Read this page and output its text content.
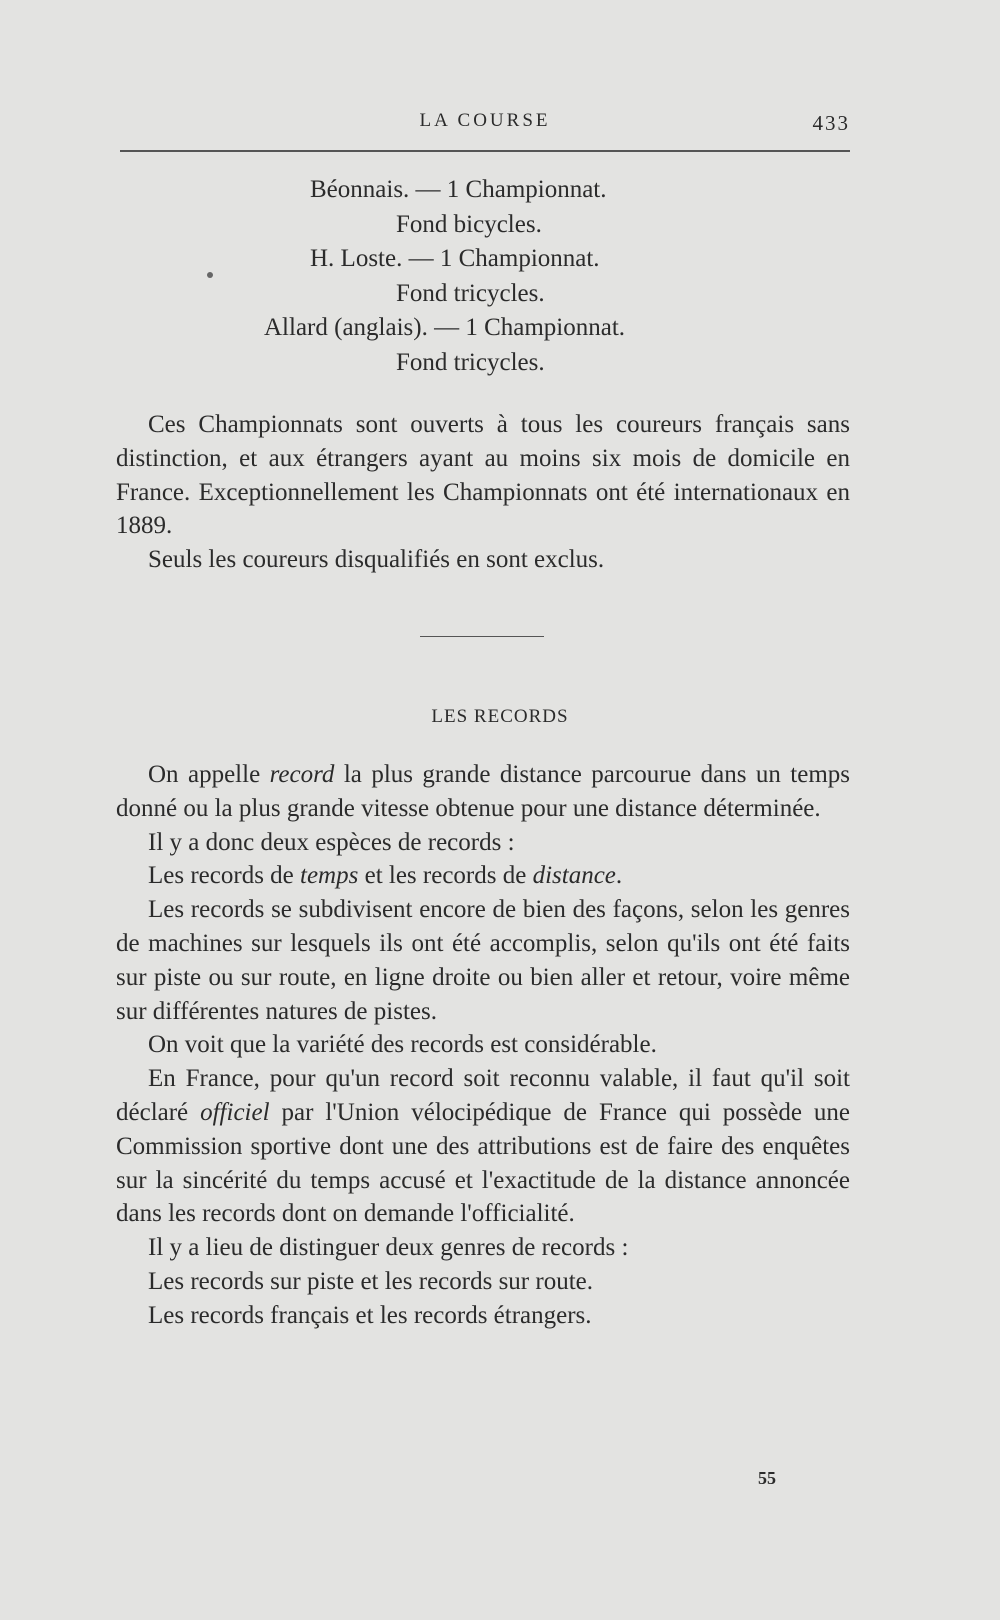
LA COURSE	433
Béonnais. — 1 Championnat.
Fond bicycles.
H. Loste. — 1 Championnat.
Fond tricycles.
Allard (anglais). — 1 Championnat.
Fond tricycles.

Ces Championnats sont ouverts à tous les coureurs français sans distinction, et aux étrangers ayant au moins six mois de domicile en France. Exceptionnellement les Championnats ont été internationaux en 1889.

Seuls les coureurs disqualifiés en sont exclus.

LES RECORDS

On appelle record la plus grande distance parcourue dans un temps donné ou la plus grande vitesse obtenue pour une distance déterminée.

Il y a donc deux espèces de records :

Les records de temps et les records de distance.

Les records se subdivisent encore de bien des façons, selon les genres de machines sur lesquels ils ont été accomplis, selon qu'ils ont été faits sur piste ou sur route, en ligne droite ou bien aller et retour, voire même sur différentes natures de pistes.

On voit que la variété des records est considérable.

En France, pour qu'un record soit reconnu valable, il faut qu'il soit déclaré officiel par l'Union vélocipédique de France qui possède une Commission sportive dont une des attributions est de faire des enquêtes sur la sincérité du temps accusé et l'exactitude de la distance annoncée dans les records dont on demande l'officialité.

Il y a lieu de distinguer deux genres de records :

Les records sur piste et les records sur route.

Les records français et les records étrangers.

55
